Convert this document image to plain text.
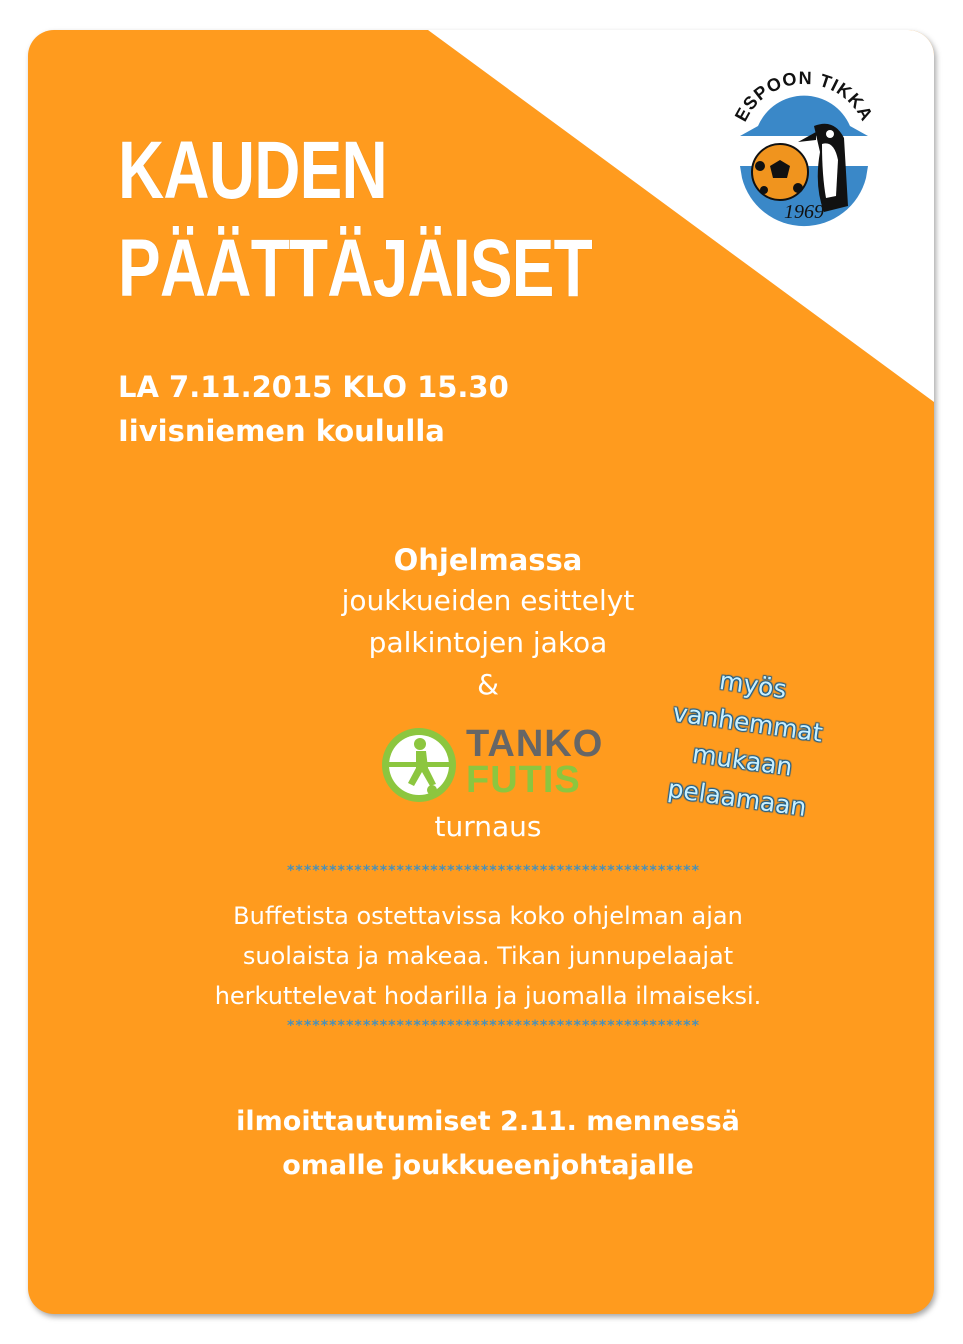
KAUDEN
PÄÄTTÄJÄISET
LA 7.11.2015 KLO 15.30
Iivisniemen koululla
Ohjelmassa
joukkueiden esittelyt
palkintojen jakoa
&
TANKO
FUTIS
turnaus
myös
vanhemmat
mukaan
pelaamaan
*************************************************
Buffetista ostettavissa koko ohjelman ajan
suolaista ja makeaa. Tikan junnupelaajat
herkuttelevat hodarilla ja juomalla ilmaiseksi.
*************************************************
ilmoittautumiset 2.11. mennessä
omalle joukkueenjohtajalle
ESPOON TIKKA
1969
